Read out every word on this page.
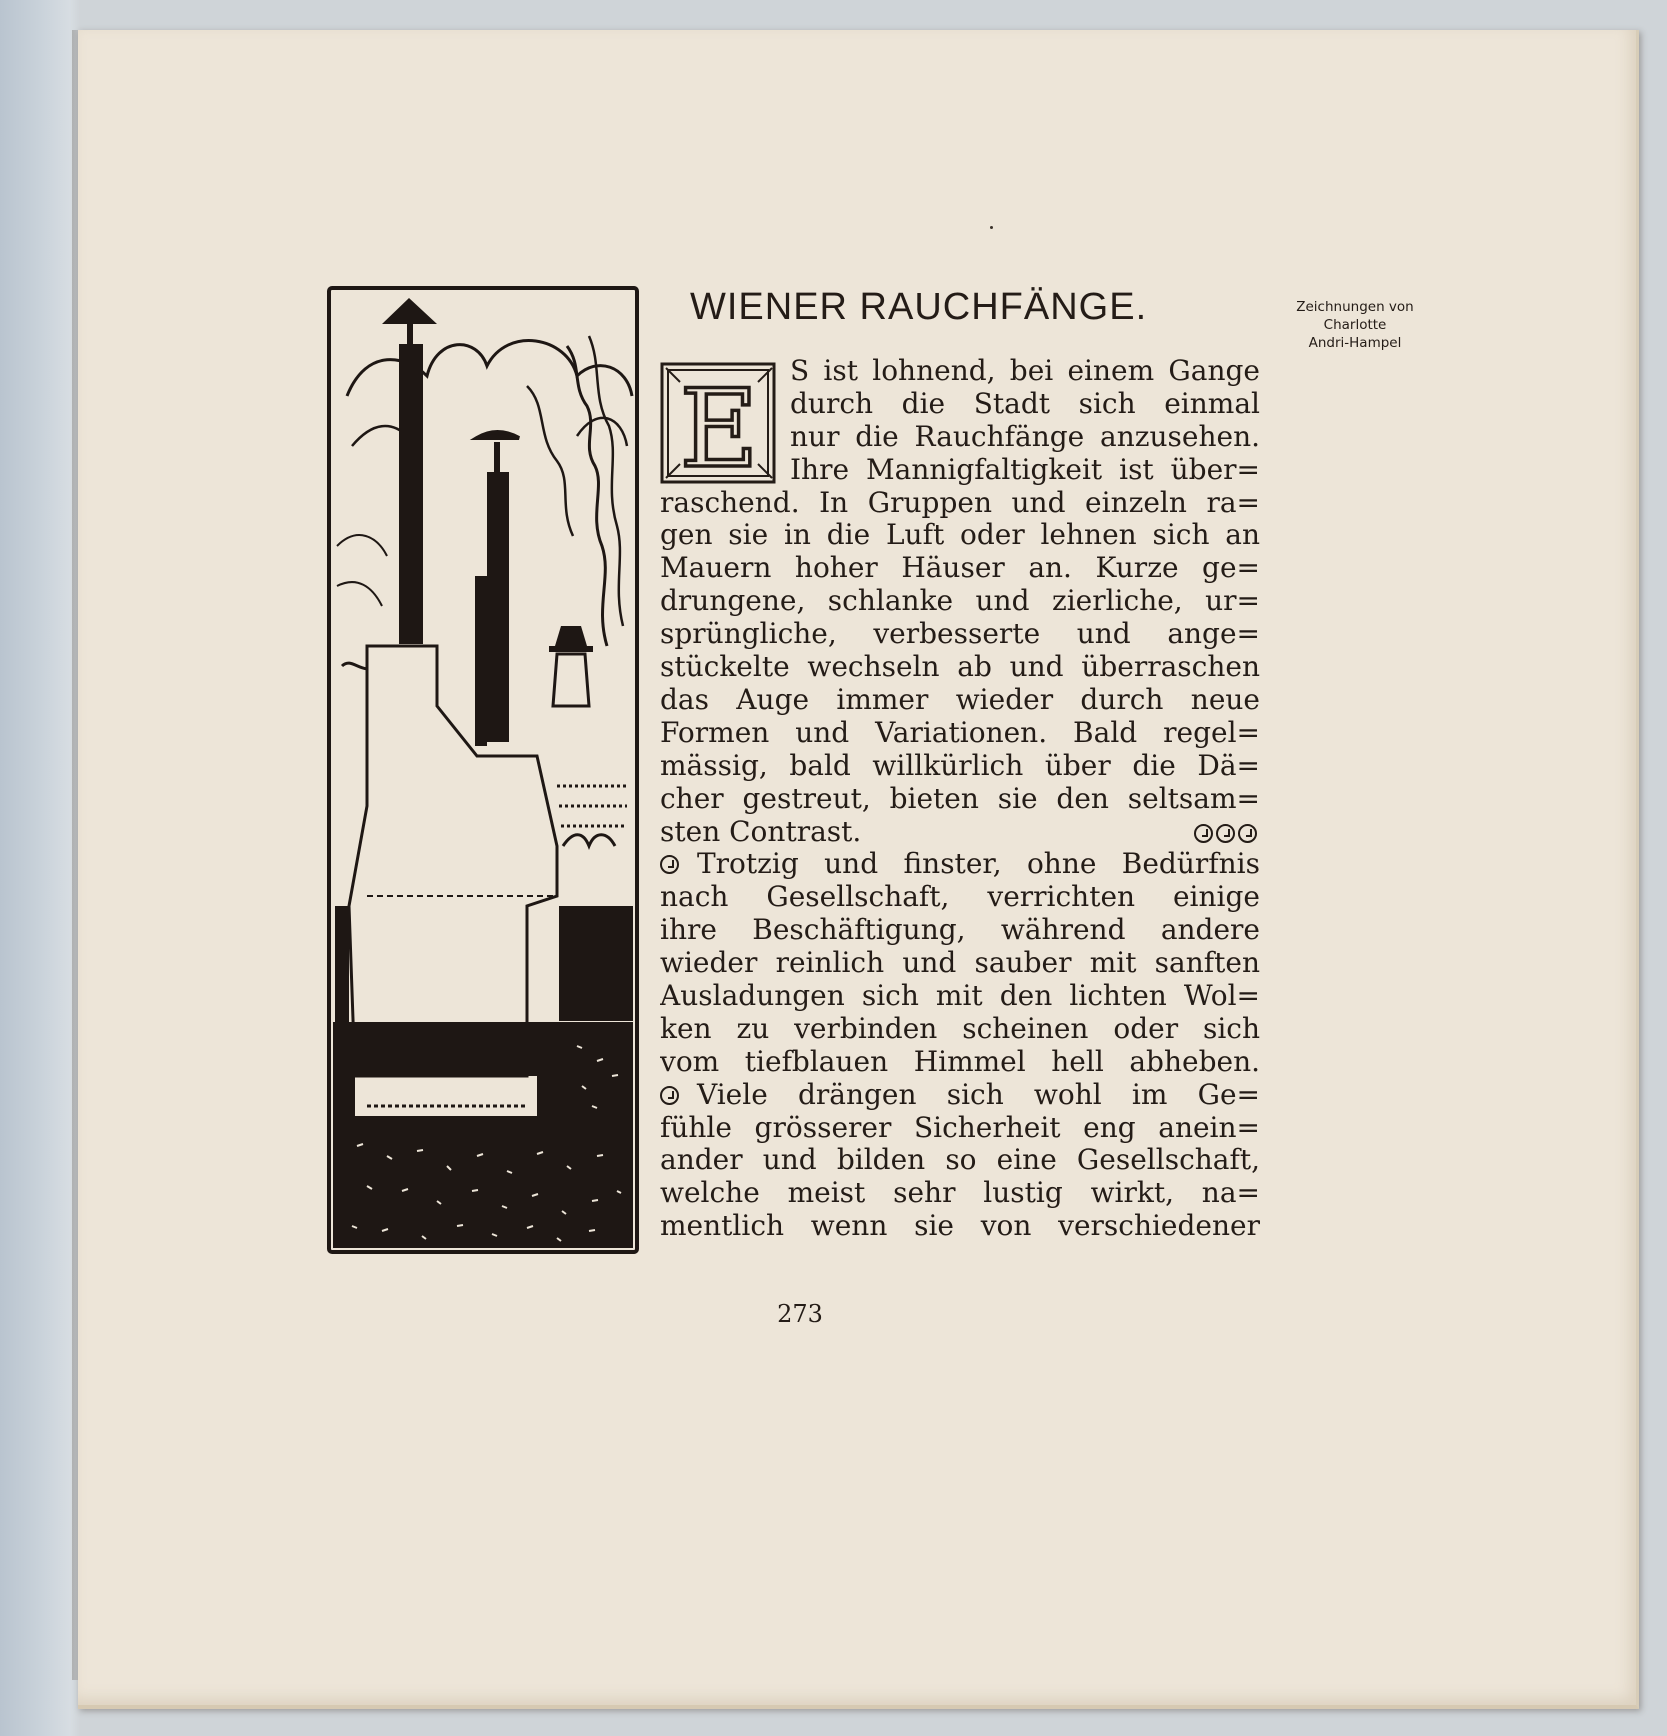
WIENER RAUCHFÄNGE.	Zeichnungen von
Charlotte
Andri-Hampel
E S ist lohnend, bei einem Gange
durch die Stadt sich einmal
nur die Rauchfänge anzusehen.
Ihre Mannigfaltigkeit ist über=
raschend. In Gruppen und einzeln ra=
gen sie in die Luft oder lehnen sich an
Mauern hoher Häuser an. Kurze ge=
drungene, schlanke und zierliche, ur=
sprüngliche, verbesserte und ange=
stückelte wechseln ab und überraschen
das Auge immer wieder durch neue
Formen und Variationen. Bald regel=
mässig, bald willkürlich über die Dä=
cher gestreut, bieten sie den seltsam=
sten Contrast.
Trotzig und finster, ohne Bedürfnis
nach Gesellschaft, verrichten einige
ihre Beschäftigung, während andere
wieder reinlich und sauber mit sanften
Ausladungen sich mit den lichten Wol=
ken zu verbinden scheinen oder sich
vom tiefblauen Himmel hell abheben.
Viele drängen sich wohl im Ge=
fühle grösserer Sicherheit eng anein=
ander und bilden so eine Gesellschaft,
welche meist sehr lustig wirkt, na=
mentlich wenn sie von verschiedener
273
